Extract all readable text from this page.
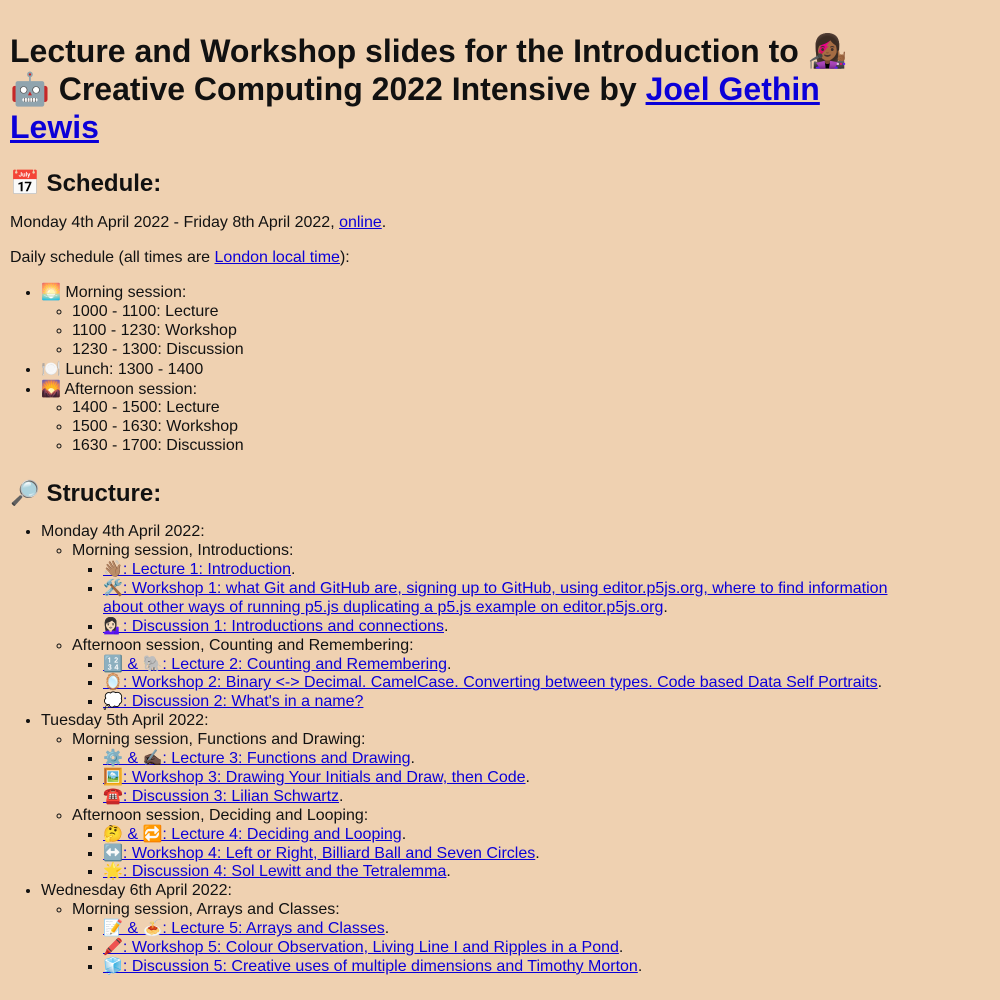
Lecture and Workshop slides for the Introduction to 👩🏾‍🎤🤖 Creative Computing 2022 Intensive by Joel Gethin Lewis
📅 Schedule:

Monday 4th April 2022 - Friday 8th April 2022, online.

Daily schedule (all times are London local time):

• 🌅 Morning session:
◦ 1000 - 1100: Lecture
◦ 1100 - 1230: Workshop
◦ 1230 - 1300: Discussion
• 🍽️ Lunch: 1300 - 1400
• 🌄 Afternoon session:
◦ 1400 - 1500: Lecture
◦ 1500 - 1630: Workshop
◦ 1630 - 1700: Discussion
🔎 Structure:
• Monday 4th April 2022:
◦ Morning session, Introductions:
▪ 👋🏽: Lecture 1: Introduction.
▪ 🛠️: Workshop 1: what Git and GitHub are, signing up to GitHub, using editor.p5js.org, where to find information about other ways of running p5.js duplicating a p5.js example on editor.p5js.org.
▪ 💁🏻‍♀️: Discussion 1: Introductions and connections.
◦ Afternoon session, Counting and Remembering:
▪ 🔢 & 🐘: Lecture 2: Counting and Remembering.
▪ 🪞: Workshop 2: Binary <-> Decimal. CamelCase. Converting between types. Code based Data Self Portraits.
▪ 💭: Discussion 2: What's in a name?
• Tuesday 5th April 2022:
◦ Morning session, Functions and Drawing:
▪ ⚙️ & ✍🏿: Lecture 3: Functions and Drawing.
▪ 🖼️: Workshop 3: Drawing Your Initials and Draw, then Code.
▪ ☎️: Discussion 3: Lilian Schwartz.
◦ Afternoon session, Deciding and Looping:
▪ 🤔 & 🔁: Lecture 4: Deciding and Looping.
▪ ↔️: Workshop 4: Left or Right, Billiard Ball and Seven Circles.
▪ 🌟: Discussion 4: Sol Lewitt and the Tetralemma.
• Wednesday 6th April 2022:
◦ Morning session, Arrays and Classes:
▪ 📝 & 🍝: Lecture 5: Arrays and Classes.
▪ 🖍️: Workshop 5: Colour Observation, Living Line I and Ripples in a Pond.
▪ 🧊: Discussion 5: Creative uses of multiple dimensions and Timothy Morton.
